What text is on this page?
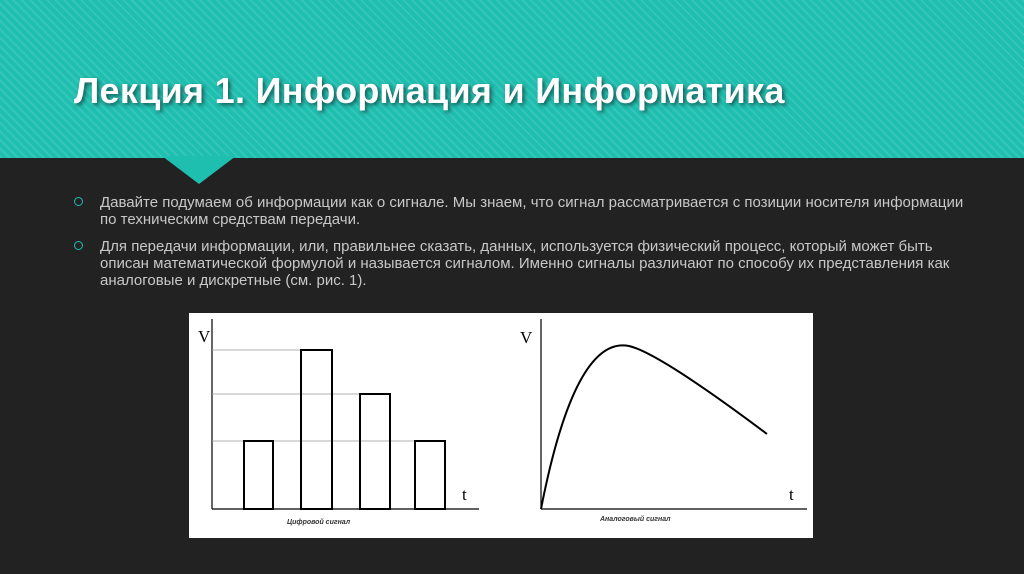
Лекция 1. Информация и Информатика
Давайте подумаем об информации как о сигнале. Мы знаем, что сигнал рассматривается с позиции носителя информации по техническим средствам передачи.
Для передачи информации, или, правильнее сказать, данных, используется физический процесс, который может быть описан математической формулой и называется сигналом. Именно сигналы различают по способу их представления как аналоговые и дискретные (см. рис. 1).
V
t
Цифровой сигнал
V
t
Аналоговый сигнал
